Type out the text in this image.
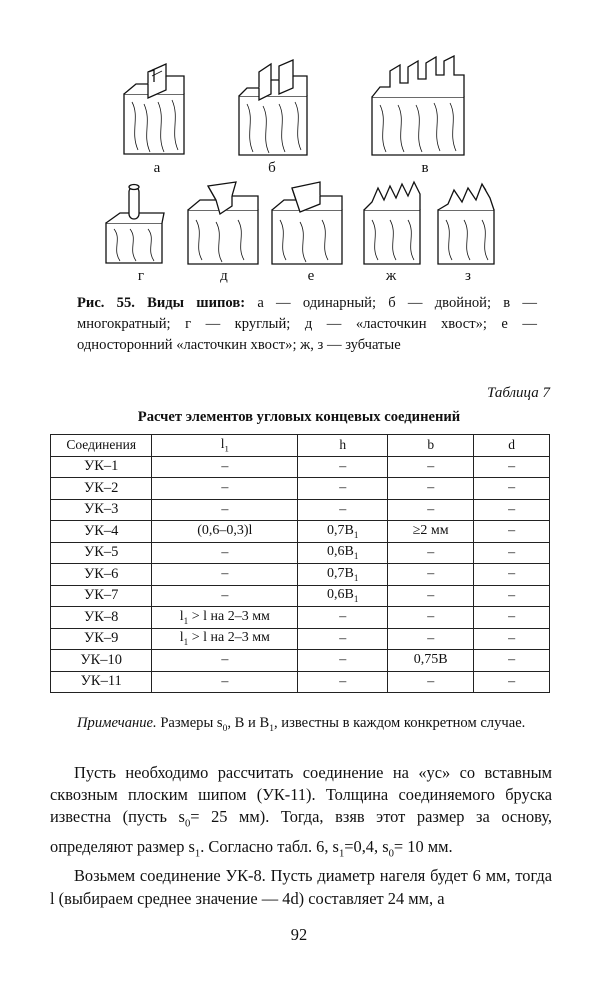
а	б	в
г	д	е	ж	з
Рис. 55. Виды шипов: а — одинарный; б — двойной; в — многократный; г — круглый; д — «ласточкин хвост»; е — односторонний «ласточкин хвост»; ж, з — зубчатые
Таблица 7
Расчет элементов угловых концевых соединений
Соединения	$l_1$	h	b	d
УК–1	–	–	–	–
УК–2	–	–	–	–
УК–3	–	–	–	–
УК–4	(0,6–0,3)l	$0,7B_1$	≥2 мм	–
УК–5	–	$0,6B_1$	–	–
УК–6	–	$0,7B_1$	–	–
УК–7	–	$0,6B_1$	–	–
УК–8	$l_1 > l$ на 2–3 мм	–	–	–
УК–9	$l_1 > l$ на 2–3 мм	–	–	–
УК–10	–	–	0,75B	–
УК–11	–	–	–	–
Примечание. Размеры $s_0$, B и $B_1$, известны в каждом конкретном случае.

Пусть необходимо рассчитать соединение на «ус» со вставным сквозным плоским шипом (УК-11). Толщина соединяемого бруска известна (пусть $s_0= 25$ мм). Тогда, взяв этот размер за основу, определяют размер $s_1$. Согласно табл. 6, $s_1=0,4$, $s_0= 10$ мм.

Возьмем соединение УК-8. Пусть диаметр нагеля будет 6 мм, тогда l (выбираем среднее значение — 4d) составляет 24 мм, а

92
